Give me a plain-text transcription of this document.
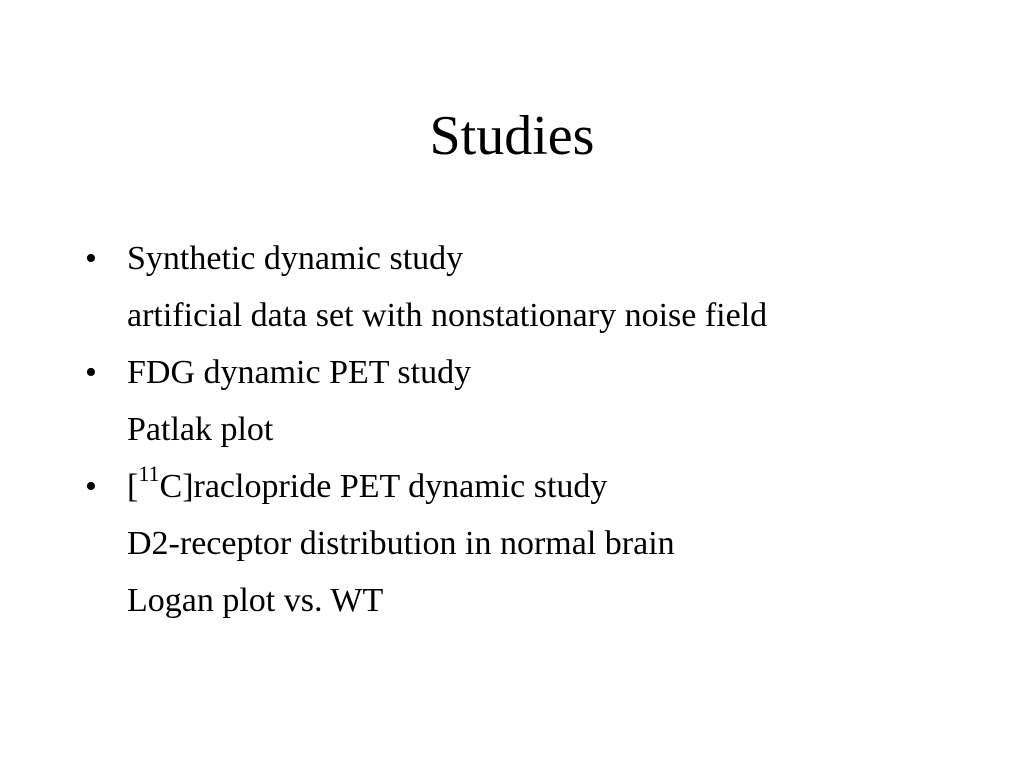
Studies
• Synthetic dynamic study
artificial data set with nonstationary noise field
• FDG dynamic PET study
Patlak plot
• [$^{11}$C]raclopride PET dynamic study
D2-receptor distribution in normal brain
Logan plot vs. WT
